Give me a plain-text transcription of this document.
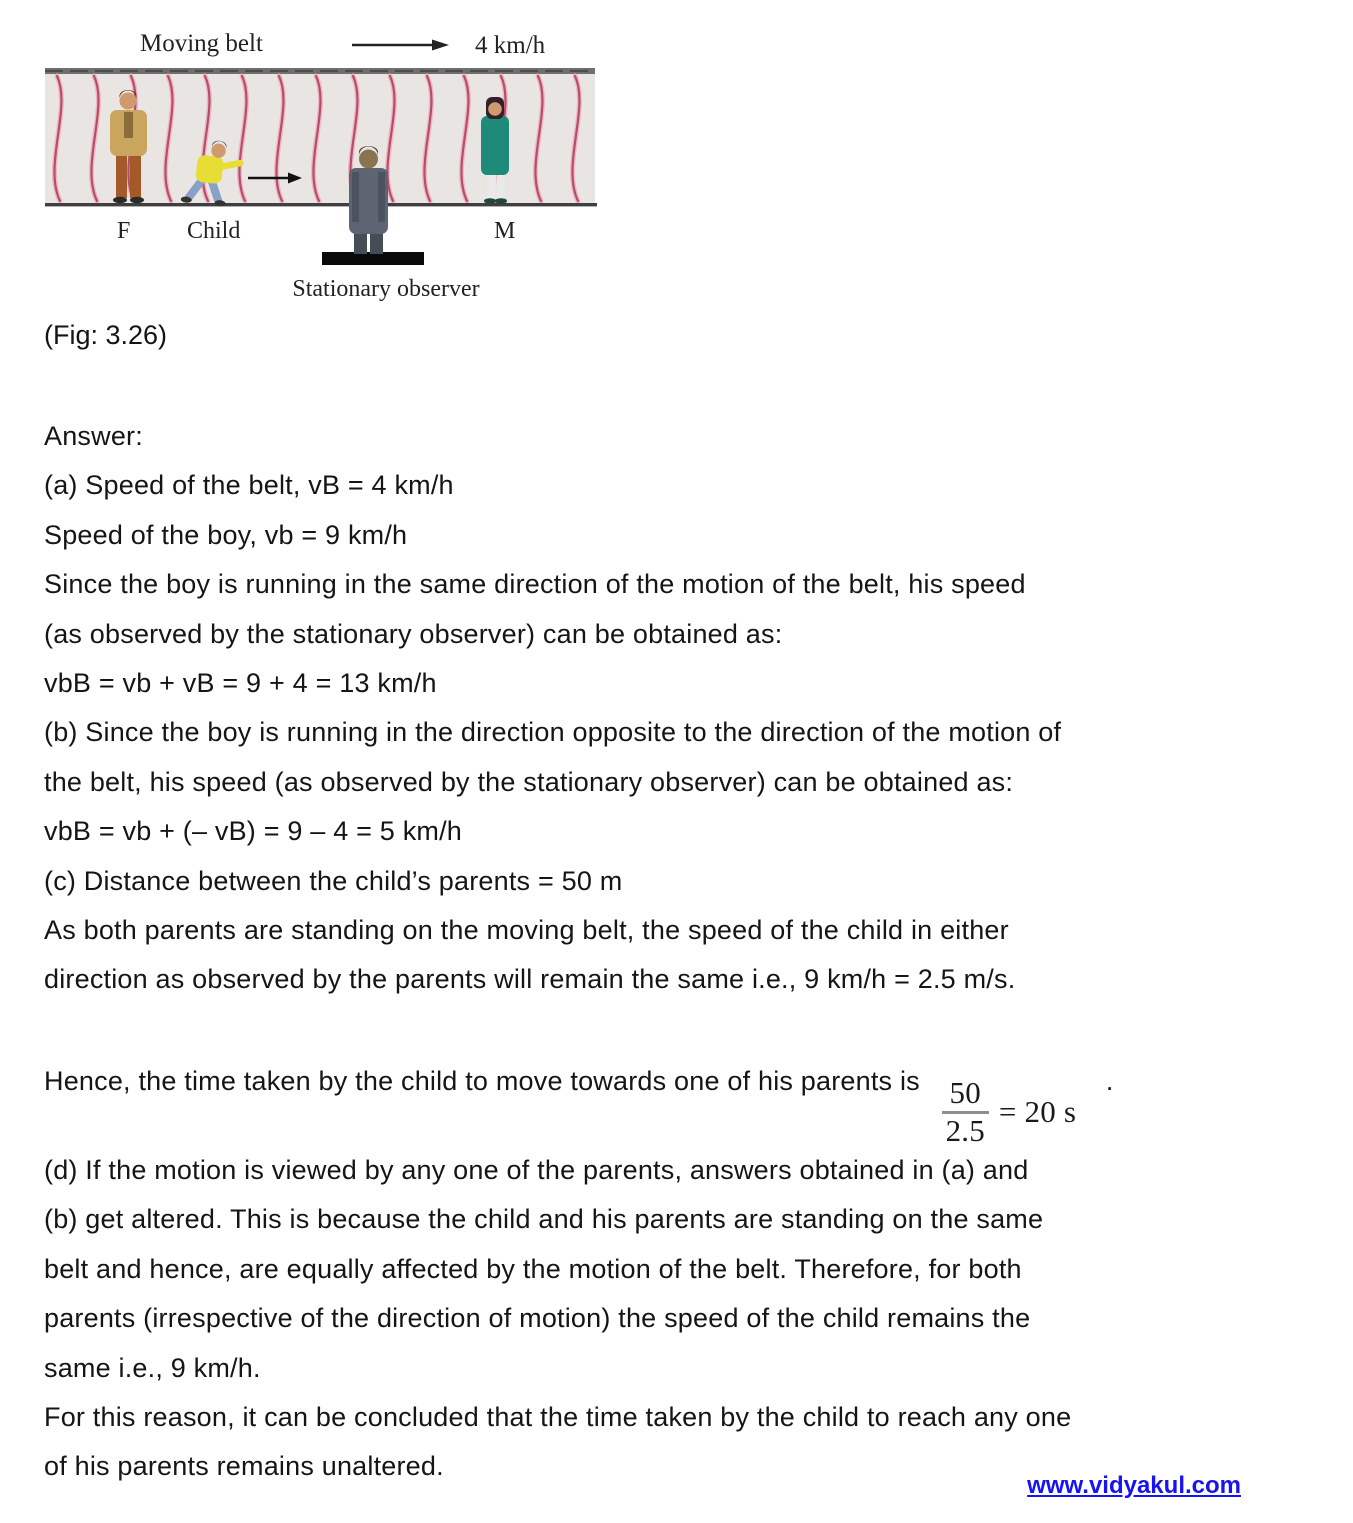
Moving belt	4 km/h
F Child	M
Stationary observer
(Fig: 3.26)
Answer:
(a) Speed of the belt, vB = 4 km/h
Speed of the boy, vb = 9 km/h
Since the boy is running in the same direction of the motion of the belt, his speed
(as observed by the stationary observer) can be obtained as:
vbB = vb + vB = 9 + 4 = 13 km/h
(b) Since the boy is running in the direction opposite to the direction of the motion of
the belt, his speed (as observed by the stationary observer) can be obtained as:
vbB = vb + (– vB) = 9 – 4 = 5 km/h
(c) Distance between the child’s parents = 50 m
As both parents are standing on the moving belt, the speed of the child in either
direction as observed by the parents will remain the same i.e., 9 km/h = 2.5 m/s.
Hence, the time taken by the child to move towards one of his parents is $\frac{50}{2.5} = 20$ s
.
(d) If the motion is viewed by any one of the parents, answers obtained in (a) and
(b) get altered. This is because the child and his parents are standing on the same
belt and hence, are equally affected by the motion of the belt. Therefore, for both
parents (irrespective of the direction of motion) the speed of the child remains the
same i.e., 9 km/h.
For this reason, it can be concluded that the time taken by the child to reach any one
of his parents remains unaltered.
www.vidyakul.com
